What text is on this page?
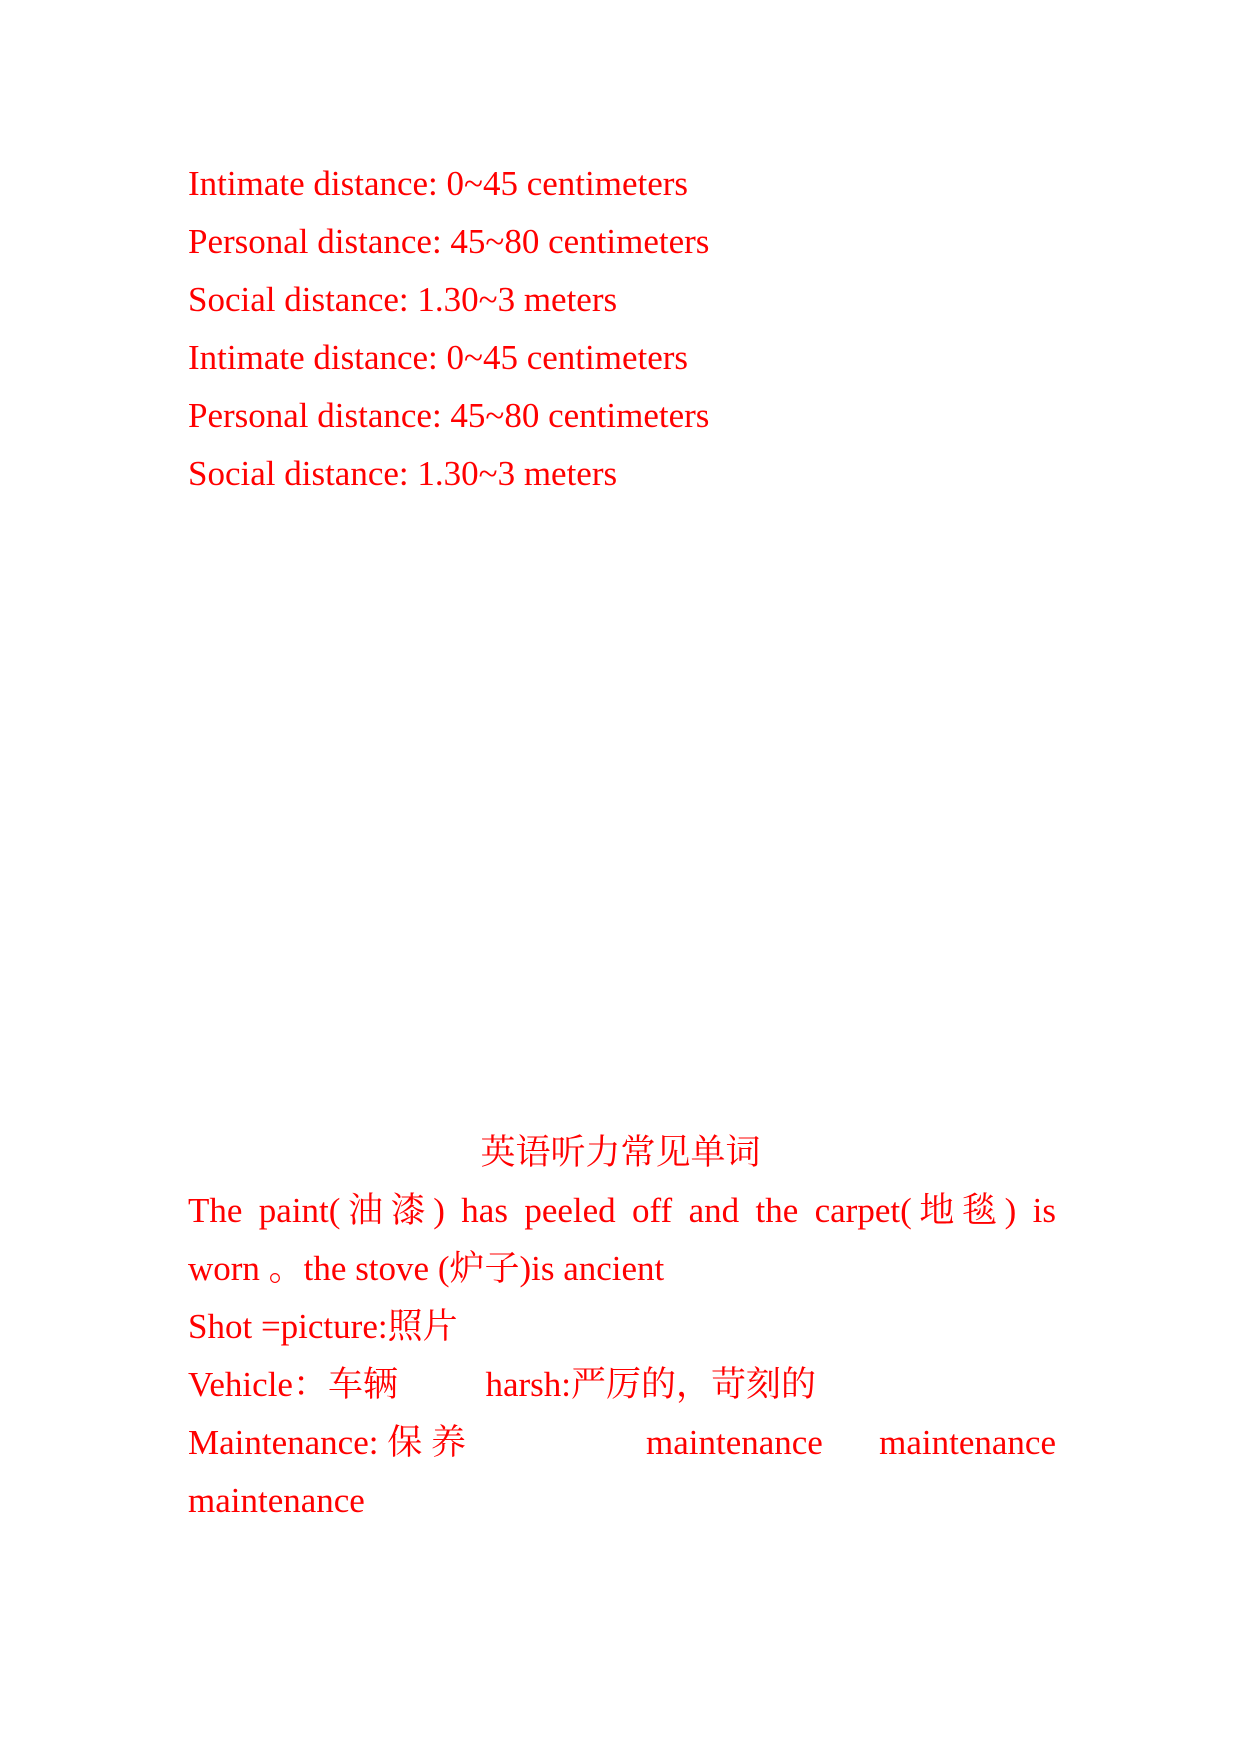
Intimate distance: 0~45 centimeters
Personal distance: 45~80 centimeters
Social distance: 1.30~3 meters
Intimate distance: 0~45 centimeters
Personal distance: 45~80 centimeters
Social distance: 1.30~3 meters
英语听力常见单词
The paint(油漆) has peeled off and the carpet(地毯) is
worn 。the stove (炉子)is ancient
Shot =picture:照片
Vehicle：车辆	harsh:严厉的，苛刻的
Maintenance: 保 养	maintenance maintenance
maintenance
